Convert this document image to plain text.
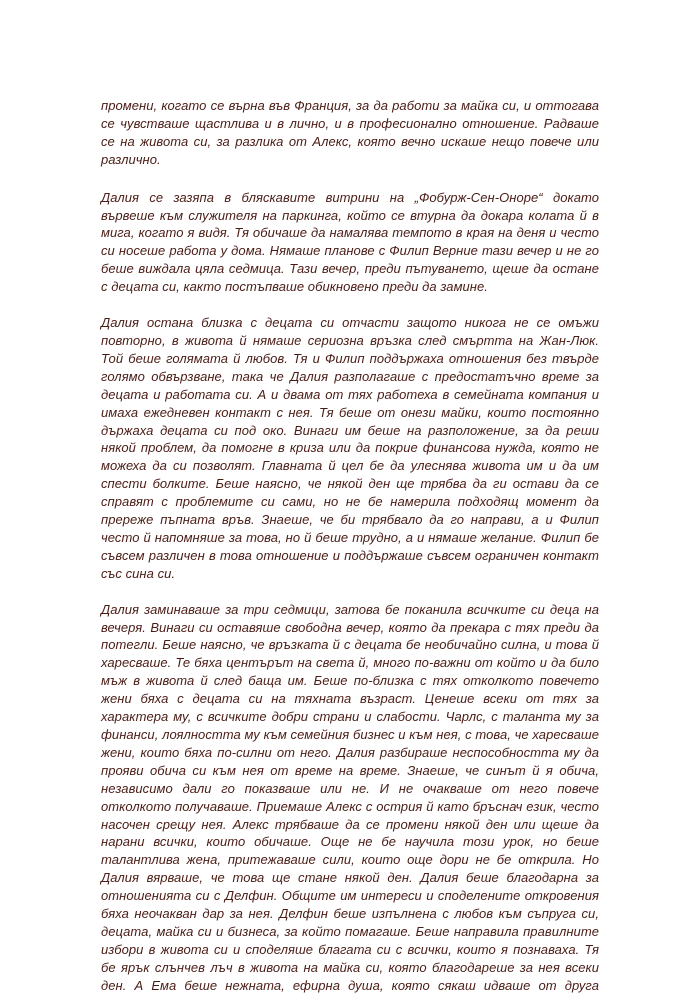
промени, когато се върна във Франция, за да работи за майка си, и оттогава
се чувстваше щастлива и в лично, и в професионално отношение. Радваше
се на живота си, за разлика от Алекс, която вечно искаше нещо повече или
различно.

Далия се зазяпа в бляскавите витрини на „Фобурж-Сен-Оноре“ докато
вървеше към служителя на паркинга, който се втурна да докара колата й в
мига, когато я видя. Тя обичаше да намалява темпото в края на деня и често
си носеше работа у дома. Нямаше планове с Филип Верние тази вечер и не го
беше виждала цяла седмица. Тази вечер, преди пътуването, щеше да остане
с децата си, както постъпваше обикновено преди да замине.

Далия остана близка с децата си отчасти защото никога не се омъжи
повторно, в живота й нямаше сериозна връзка след смъртта на Жан-Люк.
Той беше голямата й любов. Тя и Филип поддържаха отношения без твърде
голямо обвързване, така че Далия разполагаше с предостатъчно време за
децата и работата си. А и двама от тях работеха в семейната компания и
имаха ежедневен контакт с нея. Тя беше от онези майки, които постоянно
държаха децата си под око. Винаги им беше на разположение, за да реши
някой проблем, да помогне в криза или да покрие финансова нужда, която не
можеха да си позволят. Главната й цел бе да улеснява живота им и да им
спести болките. Беше наясно, че някой ден ще трябва да ги остави да се
справят с проблемите си сами, но не бе намерила подходящ момент да
пререже пъпната връв. Знаеше, че би трябвало да го направи, а и Филип
често й напомняше за това, но й беше трудно, а и нямаше желание. Филип бе
съвсем различен в това отношение и поддържаше съвсем ограничен контакт
със сина си.

Далия заминаваше за три седмици, затова бе поканила всичките си деца на
вечеря. Винаги си оставяше свободна вечер, която да прекара с тях преди да
потегли. Беше наясно, че връзката й с децата бе необичайно силна, и това й
харесваше. Те бяха центърът на света й, много по-важни от който и да било
мъж в живота й след баща им. Беше по-близка с тях отколкото повечето
жени бяха с децата си на тяхната възраст. Ценеше всеки от тях за
характера му, с всичките добри страни и слабости. Чарлс, с таланта му за
финанси, лоялността му към семейния бизнес и към нея, с това, че харесваше
жени, които бяха по-силни от него. Далия разбираше неспособността му да
прояви обича си към нея от време на време. Знаеше, че синът й я обича,
независимо дали го показваше или не. И не очакваше от него повече
отколкото получаваше. Приемаше Алекс с острия й като бръснач език, често
насочен срещу нея. Алекс трябваше да се промени някой ден или щеше да
нарани всички, които обичаше. Още не бе научила този урок, но беше
талантлива жена, притежаваше сили, които още дори не бе открила. Но
Далия вярваше, че това ще стане някой ден. Далия беше благодарна за
отношенията си с Делфин. Общите им интереси и споделените откровения
бяха неочакван дар за нея. Делфин беше изпълнена с любов към съпруга си,
децата, майка си и бизнеса, за който помагаше. Беше направила правилните
избори в живота си и споделяше благата си с всички, които я познаваха. Тя
бе ярък слънчев лъч в живота на майка си, която благодареше за нея всеки
ден. А Ема беше нежната, ефирна душа, която сякаш идваше от друга
